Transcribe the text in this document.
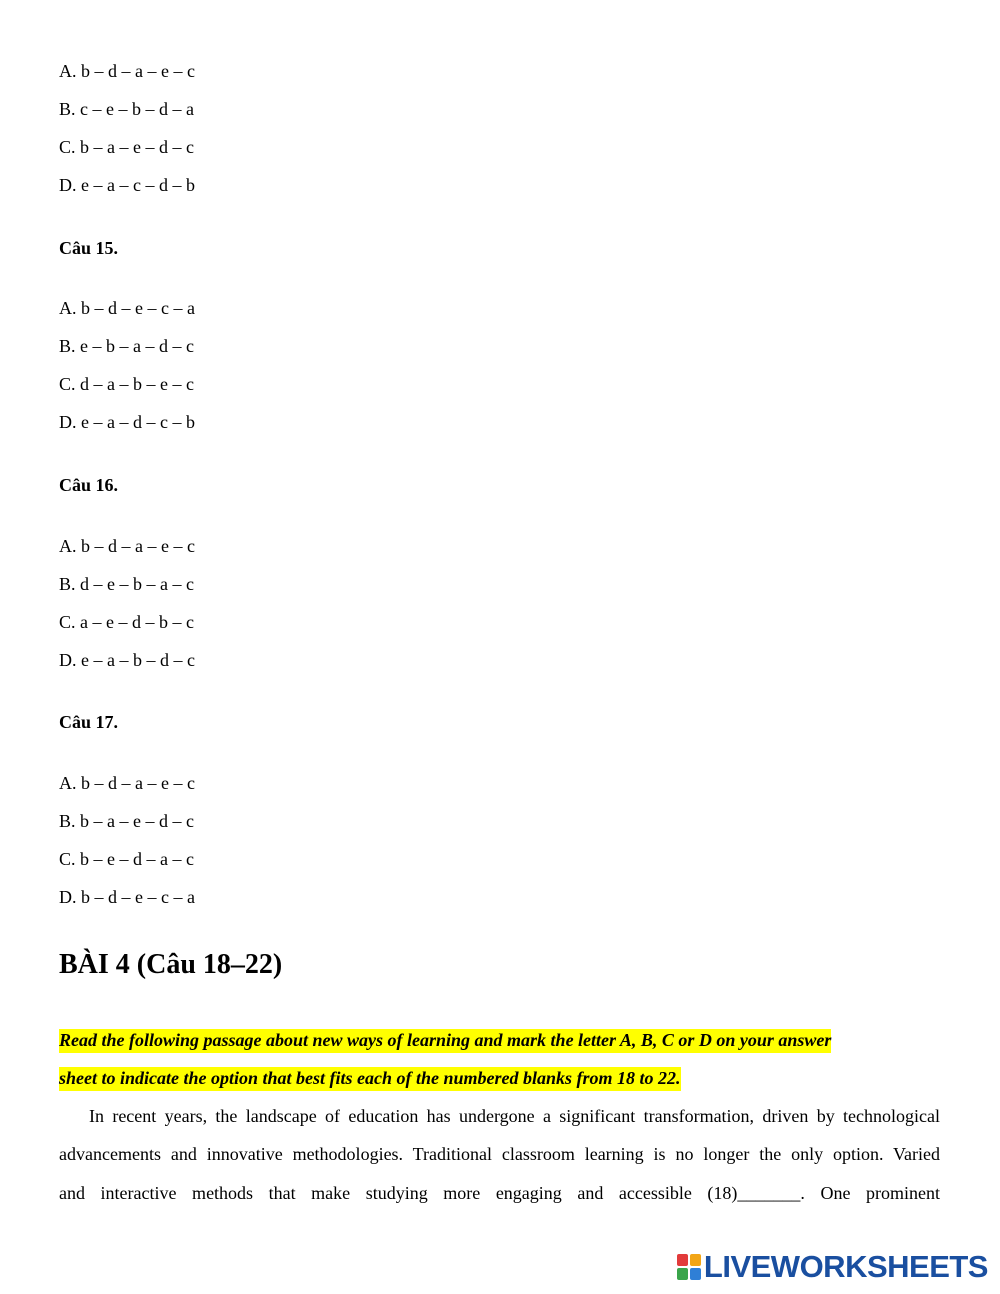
A. b – d – a – e – c
B. c – e – b – d – a
C. b – a – e – d – c
D. e – a – c – d – b
Câu 15.
A. b – d – e – c – a
B. e – b – a – d – c
C. d – a – b – e – c
D. e – a – d – c – b
Câu 16.
A. b – d – a – e – c
B. d – e – b – a – c
C. a – e – d – b – c
D. e – a – b – d – c
Câu 17.
A. b – d – a – e – c
B. b – a – e – d – c
C. b – e – d – a – c
D. b – d – e – c – a
BÀI 4 (Câu 18–22)
Read the following passage about new ways of learning and mark the letter A, B, C or D on your answer
sheet to indicate the option that best fits each of the numbered blanks from 18 to 22.
In recent years, the landscape of education has undergone a significant transformation, driven by technological
advancements and innovative methodologies. Traditional classroom learning is no longer the only option. Varied
and interactive methods that make studying more engaging and accessible (18)_______. One prominent
LIVEWORKSHEETS
